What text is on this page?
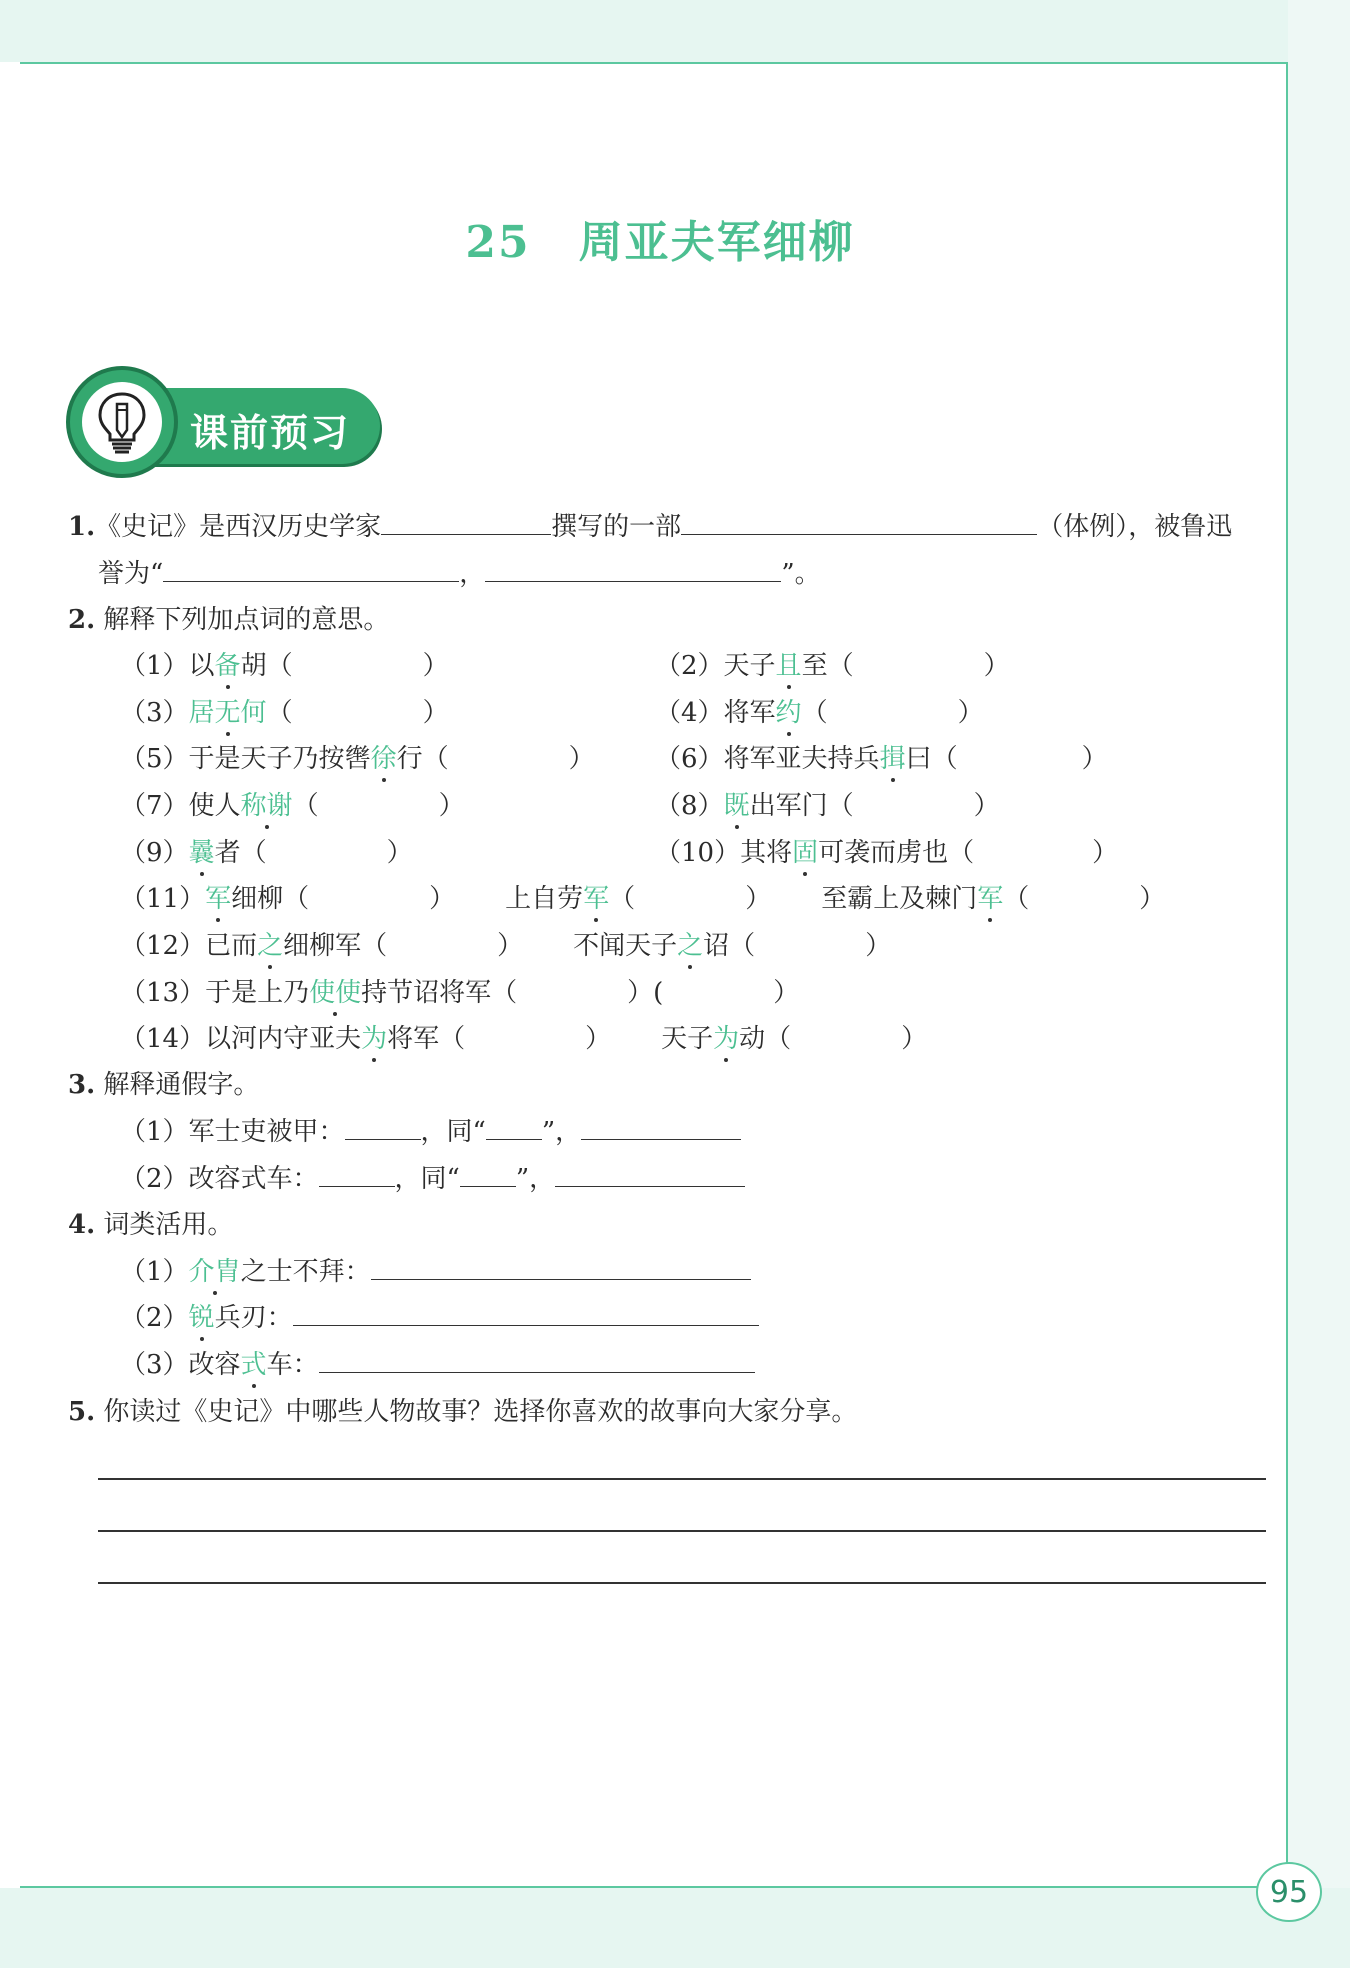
95
25 周亚夫军细柳
课前预习
1.《史记》是西汉历史学家	撰写的一部	（体例），被鲁迅
誉为“	，	”。
2. 解释下列加点词的意思。
（1）以备胡（	）	（2）天子且至（	）
（3）居无何（	）	（4）将军约（	）
（5）于是天子乃按辔徐行（	） （6）将军亚夫持兵揖曰（	）
（7）使人称谢（	）	（8）既出军门（	）
（9）曩者（	）	（10）其将固可袭而虏也（	）
（11）军细柳（	） 上自劳军（	） 至霸上及棘门军（	）
（12）已而之细柳军（	） 不闻天子之诏（	）
（13）于是上乃使使持节诏将军（	）(	）
（14）以河内守亚夫为将军（	） 天子为动（	）
3. 解释通假字。
（1）军士吏被甲：	，同“ ”，
（2）改容式车：	，同“ ”，
4. 词类活用。
（1）介胄之士不拜：
（2）锐兵刃：
（3）改容式车：
5. 你读过《史记》中哪些人物故事？选择你喜欢的故事向大家分享。
